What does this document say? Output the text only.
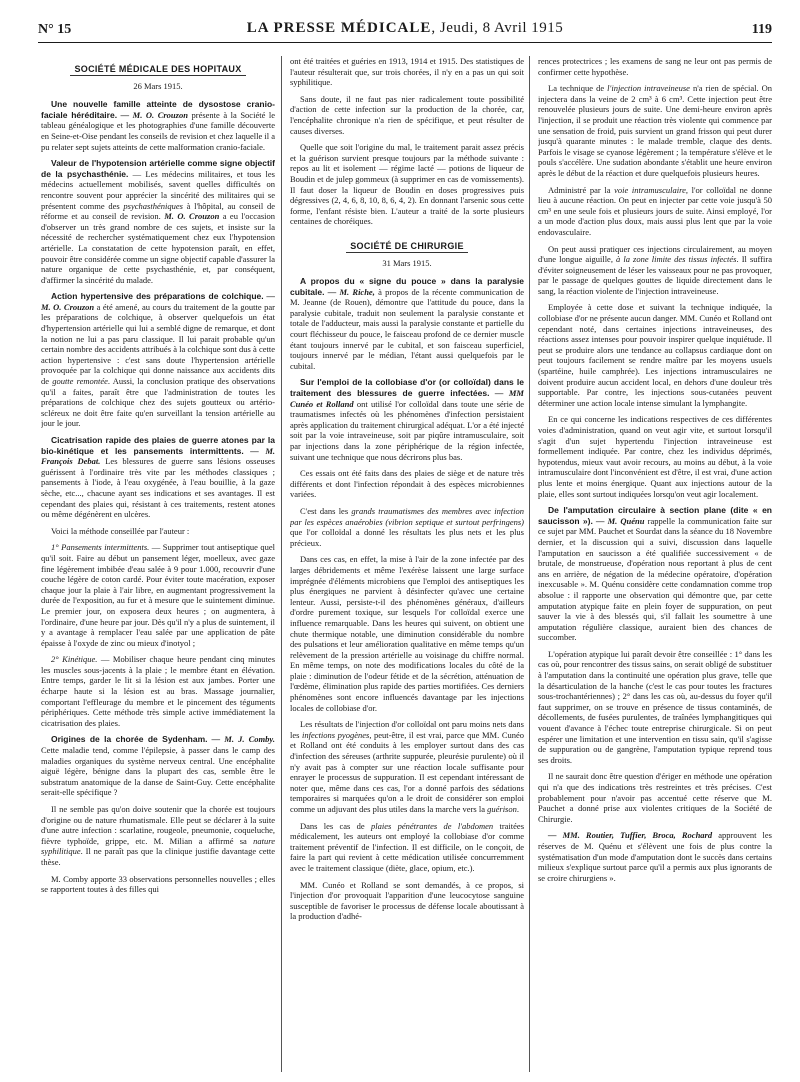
N° 15	LA PRESSE MÉDICALE, Jeudi, 8 Avril 1915	119
SOCIÉTÉ MÉDICALE DES HOPITAUX
26 Mars 1915.

Une nouvelle famille atteinte de dysostose cranio-faciale héréditaire. — M. O. Crouzon présente à la Société le tableau généalogique et les photographies d'une famille découverte en Seine-et-Oise pendant les conseils de revision et chez laquelle il a pu relater sept sujets atteints de cette malformation cranio-faciale.

Valeur de l'hypotension artérielle comme signe objectif de la psychasthénie. — Les médecins militaires, et tous les médecins actuellement mobilisés, savent quelles difficultés on rencontre souvent pour apprécier la sincérité des militaires qui se présentent comme des psychasthéniques à l'hôpital, au conseil de réforme et au conseil de revision. M. O. Crouzon a eu l'occasion d'observer un très grand nombre de ces sujets, et insiste sur la nécessité de rechercher systématiquement chez eux l'hypotension artérielle. La constatation de cette hypotension paraît, en effet, pouvoir être considérée comme un signe objectif capable d'assurer la nature organique de cette psychasthénie, et, par conséquent, d'affirmer la sincérité du malade.

Action hypertensive des préparations de colchique. — M. O. Crouzon a été amené, au cours du traitement de la goutte par les préparations de colchique, à observer quelquefois un état d'hypertension artérielle qui lui a semblé digne de remarque, et dont la notion ne lui a pas paru classique. Il lui parait probable qu'un certain nombre des accidents attribués à la colchique sont dus à cette action hypertensive : c'est sans doute l'hypertension artérielle provoquée par la colchique qui donne naissance aux accidents dits de goutte remontée. Aussi, la conclusion pratique des observations qu'il a faites, paraît être que l'administration de toutes les préparations de colchique chez des sujets goutteux ou artério-scléreux ne doit être faite qu'en surveillant la tension artérielle au jour le jour.

Cicatrisation rapide des plaies de guerre atones par la bio-kinétique et les pansements intermittents. — M. François Debat. Les blessures de guerre sans lésions osseuses guérissent à l'ordinaire très vite par les méthodes classiques ; pansements à l'iode, à l'eau oxygénée, à l'eau bouillie, à la gaze sèche, etc..., chacune ayant ses indications et ses avantages. Il est cependant des plaies qui, résistant à ces traitements, restent atones ou même dégénèrent en ulcères.

Voici la méthode conseillée par l'auteur :

1° Pansements intermittents. — Supprimer tout antiseptique quel qu'il soit. Faire au début un pansement léger, moelleux, avec gaze fine légèrement imbibée d'eau salée à 9 pour 1.000, recouvrir d'une couche légère de coton cardé. Pour éviter toute macération, exposer chaque jour la plaie à l'air libre, en augmentant progressivement la durée de l'exposition, au fur et à mesure que le suintement diminue. Le premier jour, on exposera deux heures ; on augmentera, à l'ordinaire, d'une heure par jour. Dès qu'il n'y a plus de suintement, il y a avantage à remplacer l'eau salée par une application de pâte épaisse à l'oxyde de zinc ou mieux d'inotyol ;

2° Kinétique. — Mobiliser chaque heure pendant cinq minutes les muscles sous-jacents à la plaie ; le membre étant en élévation. Entre temps, garder le lit si la lésion est aux jambes. Porter une écharpe haute si la lésion est au bras. Massage journalier, comportant l'effleurage du membre et le pincement des téguments périphériques. Cette méthode très simple active immédiatement la cicatrisation des plaies.

Origines de la chorée de Sydenham. — M. J. Comby. Cette maladie tend, comme l'épilepsie, à passer dans le camp des maladies organiques du système nerveux central. Une encéphalite aiguë légère, bénigne dans la plupart des cas, semble être le substratum anatomique de la danse de Saint-Guy. Cette encéphalite serait-elle spécifique ?

Il ne semble pas qu'on doive soutenir que la chorée est toujours d'origine ou de nature rhumatismale. Elle peut se déclarer à la suite d'une autre infection : scarlatine, rougeole, pneumonie, coqueluche, fièvre typhoïde, grippe, etc. M. Milian a affirmé sa nature syphilitique. Il ne paraît pas que la clinique justifie davantage cette thèse.

M. Comby apporte 33 observations personnelles nouvelles ; elles se rapportent toutes à des filles qui

ont été traitées et guéries en 1913, 1914 et 1915. Des statistiques de l'auteur résulterait que, sur trois chorées, il n'y en a pas un qui soit syphilitique.

Sans doute, il ne faut pas nier radicalement toute possibilité d'action de cette infection sur la production de la chorée, car, l'encéphalite chronique n'a rien de spécifique, et peut résulter de causes diverses.

Quelle que soit l'origine du mal, le traitement parait assez précis et la guérison survient presque toujours par la méthode suivante : repos au lit et isolement — régime lacté — potions de liqueur de Boudin et de julep gommeux (à supprimer en cas de vomissements). Il faut doser la liqueur de Boudin en doses progressives puis dégressives (2, 4, 6, 8, 10, 8, 6, 4, 2). En donnant l'arsenic sous cette forme, l'enfant résiste bien. L'auteur a traité de la sorte plusieurs centaines de choréiques.

SOCIÉTÉ DE CHIRURGIE
31 Mars 1915.

A propos du « signe du pouce » dans la paralysie cubitale. — M. Riche, à propos de la récente communication de M. Jeanne (de Rouen), démontre que l'attitude du pouce, dans la paralysie cubitale, traduit non seulement la paralysie constante et totale de l'adducteur, mais aussi la paralysie constante et partielle du court fléchisseur du pouce, le faisceau profond de ce dernier muscle étant toujours innervé par le cubital, et son faisceau superficiel, toujours innervé par le médian, l'étant aussi quelquefois par le cubital.

Sur l'emploi de la collobiase d'or (or colloïdal) dans le traitement des blessures de guerre infectées. — MM Cunéo et Rolland ont utilisé l'or colloïdal dans toute une série de traumatismes infectés où les phénomènes d'infection persistaient après application du traitement chirurgical adéquat. L'or a été injecté soit par la voie intraveineuse, soit par piqûre intramusculaire, soit par injections dans la zone périphérique de la région infectée, suivant une technique que nous décrirons plus bas.

Ces essais ont été faits dans des plaies de siège et de nature très différents et dont l'infection répondait à des espèces microbiennes variées.

C'est dans les grands traumatismes des membres avec infection par les espèces anaérobies (vibrion septique et surtout perfringens) que l'or colloïdal a donné les résultats les plus nets et les plus précieux.

Dans ces cas, en effet, la mise à l'air de la zone infectée par des larges débridements et même l'exérèse laissent une large surface imprégnée d'éléments microbiens que l'emploi des antiseptiques les plus énergiques ne parvient à désinfecter qu'avec une certaine lenteur. Aussi, persiste-t-il des phénomènes généraux, d'ailleurs d'ordre purement toxique, sur lesquels l'or colloïdal exerce une influence remarquable. Dans les heures qui suivent, on obtient une chute thermique notable, une diminution considérable du nombre des pulsations et leur amélioration qualitative en même temps qu'un relèvement de la pression artérielle au voisinage du chiffre normal. En même temps, on note des modifications locales du côté de la plaie : diminution de l'odeur fétide et de la sécrétion, atténuation de l'œdème, élimination plus rapide des parties mortifiées. Ces derniers phénomènes sont encore influencés davantage par les injections locales de collobiase d'or.

Les résultats de l'injection d'or colloïdal ont paru moins nets dans les infections pyogènes, peut-être, il est vrai, parce que MM. Cunéo et Rolland ont été conduits à les employer surtout dans des cas d'infection des séreuses (arthrite suppurée, pleurésie purulente) où il n'y avait pas à compter sur une réaction locale suffisante pour enrayer le processus de suppuration. Il est cependant intéressant de noter que, même dans ces cas, l'or a donné parfois des sédations temporaires si marquées qu'on a le droit de considérer son emploi comme un adjuvant des plus utiles dans la marche vers la guérison.

Dans les cas de plaies pénétrantes de l'abdomen traitées médicalement, les auteurs ont employé la collobiase d'or comme traitement préventif de l'infection. Il est difficile, on le conçoit, de faire la part qui revient à cette médication utilisée concurremment avec le traitement classique (diète, glace, opium, etc.).

MM. Cunéo et Rolland se sont demandés, à ce propos, si l'injection d'or provoquait l'apparition d'une leucocytose sanguine susceptible de favoriser le processus de défense locale aboutissant à la production d'adhé-

rences protectrices ; les examens de sang ne leur ont pas permis de confirmer cette hypothèse.

La technique de l'injection intraveineuse n'a rien de spécial. On injectera dans la veine de 2 cm³ à 6 cm³. Cette injection peut être renouvelée plusieurs jours de suite. Une demi-heure environ après l'injection, il se produit une réaction très violente qui commence par une sensation de froid, puis survient un grand frisson qui peut durer jusqu'à quarante minutes : le malade tremble, claque des dents. Parfois le visage se cyanose légèrement ; la température s'élève et le pouls s'accélère. Une sudation abondante s'établit une heure environ après le début de la réaction et dure quelquefois plusieurs heures.

Administré par la voie intramusculaire, l'or colloïdal ne donne lieu à aucune réaction. On peut en injecter par cette voie jusqu'à 50 cm³ en une seule fois et plusieurs jours de suite. Ainsi employé, l'or a un mode d'action plus doux, mais aussi plus lent que par la voie endovasculaire.

On peut aussi pratiquer ces injections circulairement, au moyen d'une longue aiguille, à la zone limite des tissus infectés. Il suffira d'éviter soigneusement de léser les vaisseaux pour ne pas provoquer, par le passage de quelques gouttes de liquide directement dans le sang, la réaction violente de l'injection intraveineuse.

Employée à cette dose et suivant la technique indiquée, la collobiase d'or ne présente aucun danger. MM. Cunéo et Rolland ont cependant noté, dans certaines injections intraveineuses, des réactions assez intenses pour pouvoir inspirer quelque inquiétude. Il peut se produire alors une tendance au collapsus cardiaque dont on peut toujours facilement se rendre maître par les moyens usuels (spartéine, huile camphrée). Les injections intramusculaires ne doivent produire aucun accident local, en dehors d'une douleur très supportable. Par contre, les injections sous-cutanées peuvent déterminer une action locale intense simulant la lymphangite.

En ce qui concerne les indications respectives de ces différentes voies d'administration, quand on veut agir vite, et surtout lorsqu'il s'agit d'un sujet hypertendu l'injection intraveineuse est formellement indiquée. Par contre, chez les individus déprimés, hypotendus, mieux vaut avoir recours, au moins au début, à la voie intramusculaire dont l'inconvénient est d'être, il est vrai, d'une action plus lente et moins énergique. Quant aux injections autour de la plaie, elles sont surtout indiquées lorsqu'on veut agir localement.

De l'amputation circulaire à section plane (dite « en saucisson »). — M. Quénu rappelle la communication faite sur ce sujet par MM. Pauchet et Sourdat dans la séance du 18 Novembre dernier, et la discussion qui a suivi, discussion dans laquelle l'amputation en saucisson a été qualifiée successivement « de brutale, de monstrueuse, d'opération nous reportant à plus de cent ans en arrière, de négation de la médecine opératoire, d'opération inexcusable ». M. Quénu considère cette condamnation comme trop absolue : il rapporte une observation qui démontre que, par cette amputation atypique faite en plein foyer de suppuration, on peut sauver la vie à des blessés qui, s'il fallait les soumettre à une amputation régulière classique, auraient bien des chances de succomber.

L'opération atypique lui paraît devoir être conseillée : 1° dans les cas où, pour rencontrer des tissus sains, on serait obligé de substituer à l'amputation dans la continuité une opération plus grave, telle que la désarticulation de la hanche (c'est le cas pour toutes les fractures sous-trochantériennes) ; 2° dans les cas où, au-dessus du foyer qu'il faut supprimer, on se trouve en présence de tissus contaminés, de décollements, de fusées purulentes, de traînées lymphangitiques qui vouent d'avance à l'échec toute entreprise chirurgicale. Si on peut espérer une limitation et une intervention en tissu sain, qu'il s'agisse de suppuration ou de gangrène, l'amputation typique reprend tous ses droits.

Il ne saurait donc être question d'ériger en méthode une opération qui n'a que des indications très restreintes et très précises. C'est probablement pour n'avoir pas accentué cette réserve que M. Pauchet a donné prise aux violentes critiques de la Société de Chirurgie.

— MM. Routier, Tuffier, Broca, Rochard approuvent les réserves de M. Quénu et s'élèvent une fois de plus contre la systématisation d'un mode d'amputation dont le succès dans certains milieux s'explique surtout parce qu'il a permis aux plus ignorants de se croire chirurgiens ».
